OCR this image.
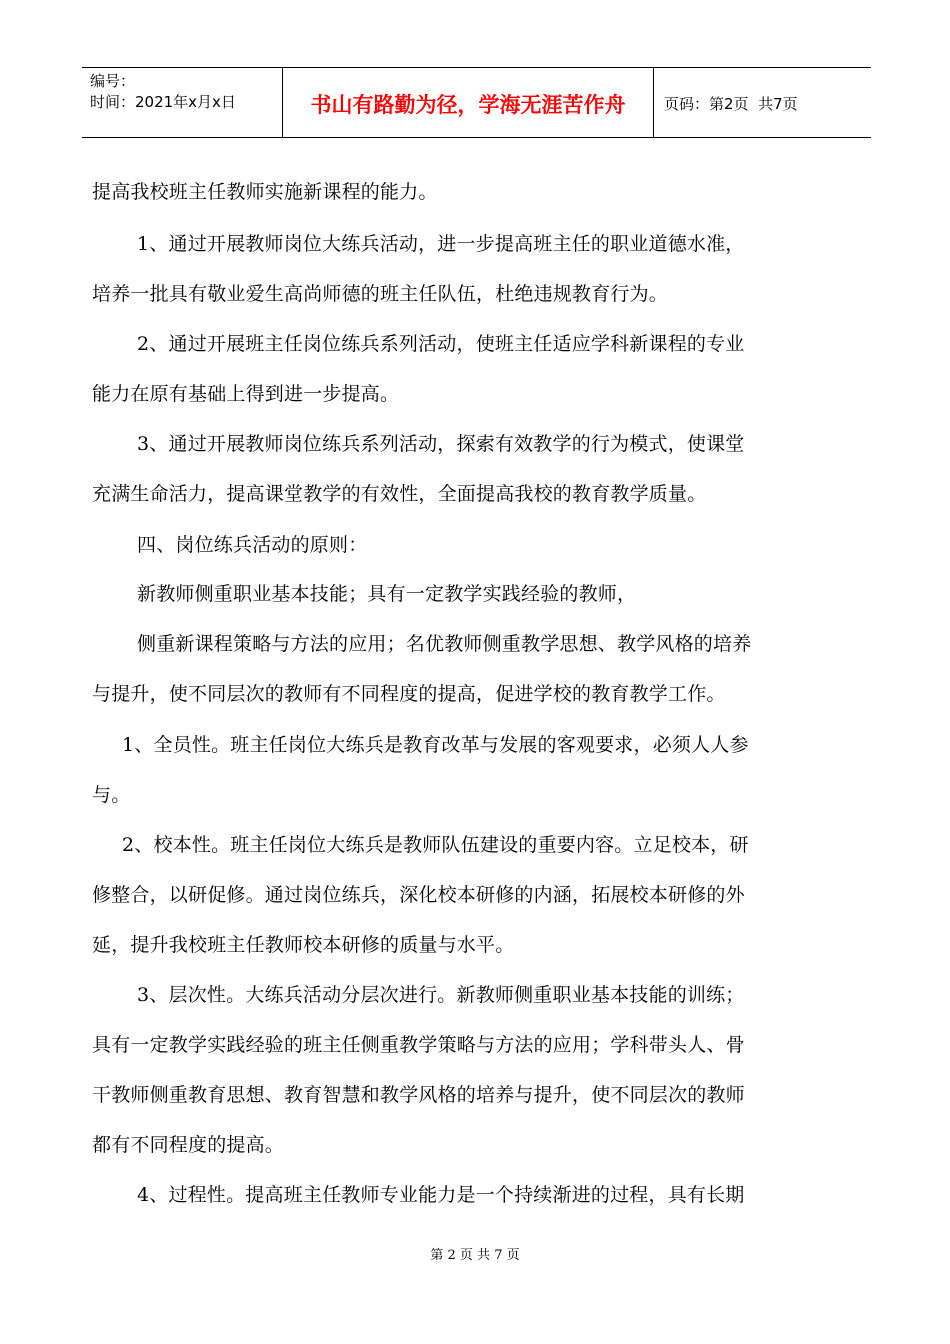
编号：
时间：2021年x月x日	书山有路勤为径，学海无涯苦作舟	页码：第2页  共7页
提高我校班主任教师实施新课程的能力。
1、通过开展教师岗位大练兵活动，进一步提高班主任的职业道德水准，
培养一批具有敬业爱生高尚师德的班主任队伍，杜绝违规教育行为。
2、通过开展班主任岗位练兵系列活动，使班主任适应学科新课程的专业
能力在原有基础上得到进一步提高。
3、通过开展教师岗位练兵系列活动，探索有效教学的行为模式，使课堂
充满生命活力，提高课堂教学的有效性，全面提高我校的教育教学质量。
四、岗位练兵活动的原则：
新教师侧重职业基本技能；具有一定教学实践经验的教师，
侧重新课程策略与方法的应用；名优教师侧重教学思想、教学风格的培养
与提升，使不同层次的教师有不同程度的提高，促进学校的教育教学工作。
1、全员性。班主任岗位大练兵是教育改革与发展的客观要求，必须人人参
与。
2、校本性。班主任岗位大练兵是教师队伍建设的重要内容。立足校本，研
修整合，以研促修。通过岗位练兵，深化校本研修的内涵，拓展校本研修的外
延，提升我校班主任教师校本研修的质量与水平。
3、层次性。大练兵活动分层次进行。新教师侧重职业基本技能的训练；
具有一定教学实践经验的班主任侧重教学策略与方法的应用；学科带头人、骨
干教师侧重教育思想、教育智慧和教学风格的培养与提升，使不同层次的教师
都有不同程度的提高。
4、过程性。提高班主任教师专业能力是一个持续渐进的过程，具有长期
第 2 页 共 7 页
